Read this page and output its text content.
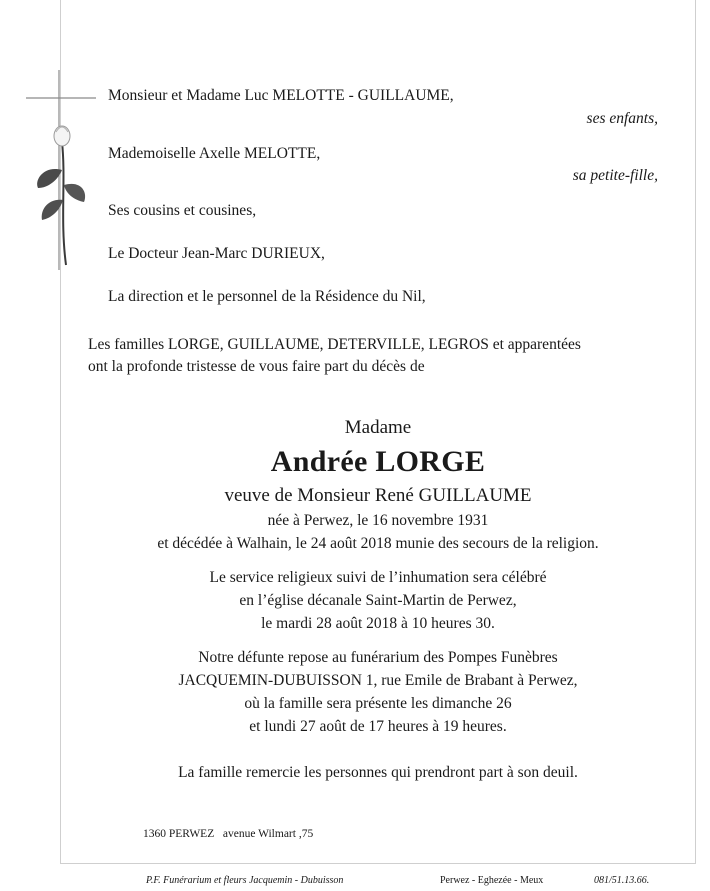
Monsieur et Madame Luc MELOTTE - GUILLAUME,
ses enfants,
Mademoiselle Axelle MELOTTE,
sa petite-fille,
Ses cousins et cousines,
Le Docteur Jean-Marc DURIEUX,
La direction et le personnel de la Résidence du Nil,
Les familles LORGE, GUILLAUME, DETERVILLE, LEGROS et apparentées
ont la profonde tristesse de vous faire part du décès de
Madame
Andrée LORGE
veuve de Monsieur René GUILLAUME
née à Perwez, le 16 novembre 1931
et décédée à Walhain, le 24 août 2018 munie des secours de la religion.
Le service religieux suivi de l’inhumation sera célébré
en l’église décanale Saint-Martin de Perwez,
le mardi 28 août 2018 à 10 heures 30.
Notre défunte repose au funérarium des Pompes Funèbres
JACQUEMIN-DUBUISSON 1, rue Emile de Brabant à Perwez,
où la famille sera présente les dimanche 26
et lundi 27 août de 17 heures à 19 heures.
La famille remercie les personnes qui prendront part à son deuil.
1360 PERWEZ   avenue Wilmart ,75
P.F. Funérarium et fleurs Jacquemin - Dubuisson	Perwez - Eghezée - Meux	081/51.13.66.
